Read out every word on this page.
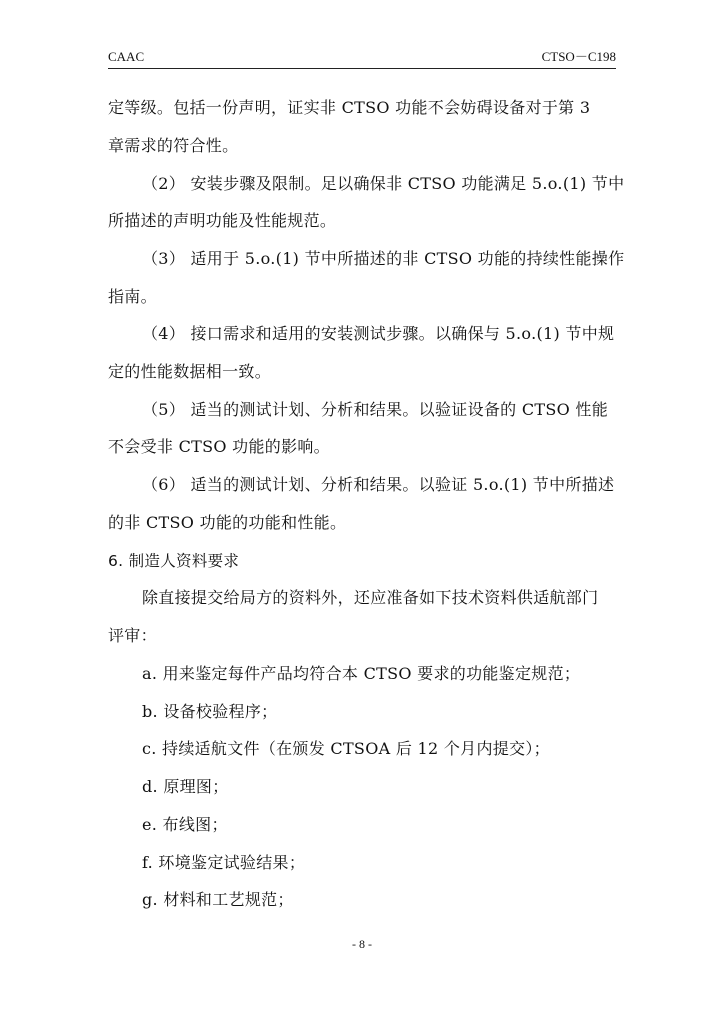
CAAC	CTSO－C198
定等级。包括一份声明，证实非 CTSO 功能不会妨碍设备对于第 3
章需求的符合性。
（2） 安装步骤及限制。足以确保非 CTSO 功能满足 5.o.(1) 节中
所描述的声明功能及性能规范。
（3） 适用于 5.o.(1) 节中所描述的非 CTSO 功能的持续性能操作
指南。
（4） 接口需求和适用的安装测试步骤。以确保与 5.o.(1) 节中规
定的性能数据相一致。
（5） 适当的测试计划、分析和结果。以验证设备的 CTSO 性能
不会受非 CTSO 功能的影响。
（6） 适当的测试计划、分析和结果。以验证 5.o.(1) 节中所描述
的非 CTSO 功能的功能和性能。
6. 制造人资料要求
除直接提交给局方的资料外，还应准备如下技术资料供适航部门
评审：
a. 用来鉴定每件产品均符合本 CTSO 要求的功能鉴定规范；
b. 设备校验程序；
c. 持续适航文件（在颁发 CTSOA 后 12 个月内提交）；
d. 原理图；
e. 布线图；
f. 环境鉴定试验结果；
g. 材料和工艺规范；
- 8 -
